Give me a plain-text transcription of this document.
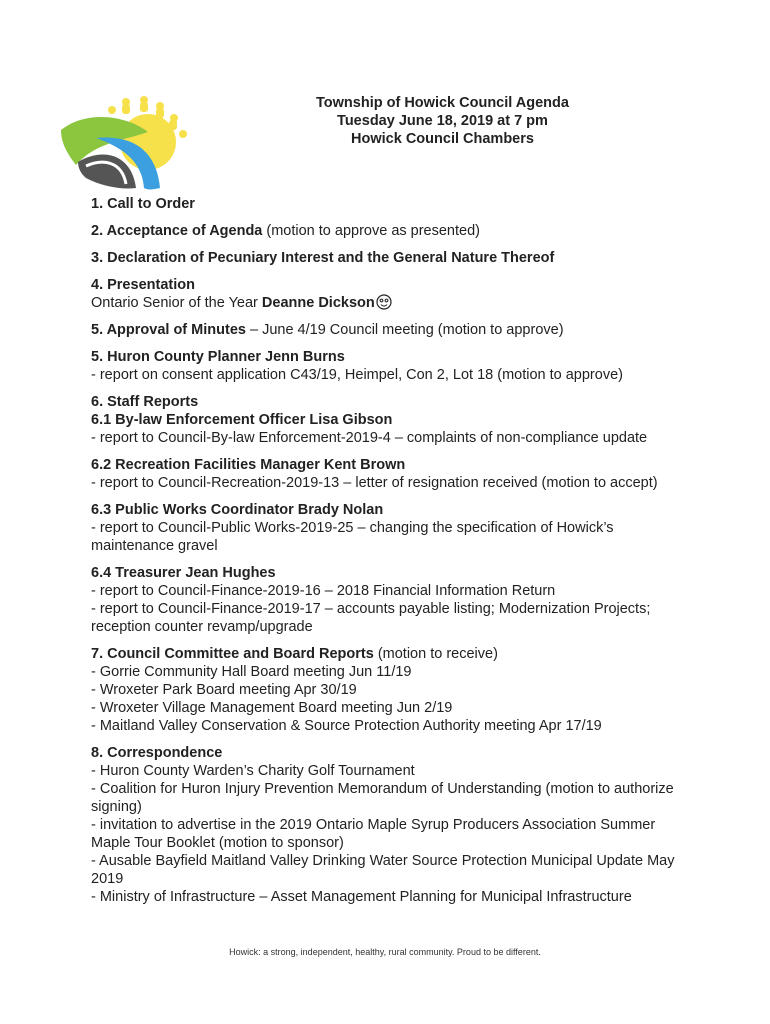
Township of Howick Council Agenda
Tuesday June 18, 2019 at 7 pm
Howick Council Chambers
1. Call to Order
2. Acceptance of Agenda (motion to approve as presented)
3. Declaration of Pecuniary Interest and the General Nature Thereof
4. Presentation
Ontario Senior of the Year Deanne Dickson
5. Approval of Minutes – June 4/19 Council meeting (motion to approve)
5. Huron County Planner Jenn Burns
- report on consent application C43/19, Heimpel, Con 2, Lot 18 (motion to approve)
6. Staff Reports
6.1 By-law Enforcement Officer Lisa Gibson
- report to Council-By-law Enforcement-2019-4 – complaints of non-compliance update
6.2 Recreation Facilities Manager Kent Brown
- report to Council-Recreation-2019-13 – letter of resignation received (motion to accept)
6.3 Public Works Coordinator Brady Nolan
- report to Council-Public Works-2019-25 – changing the specification of Howick’s maintenance gravel
6.4 Treasurer Jean Hughes
- report to Council-Finance-2019-16 – 2018 Financial Information Return
- report to Council-Finance-2019-17 – accounts payable listing; Modernization Projects; reception counter revamp/upgrade
7. Council Committee and Board Reports (motion to receive)
- Gorrie Community Hall Board meeting Jun 11/19
- Wroxeter Park Board meeting Apr 30/19
- Wroxeter Village Management Board meeting Jun 2/19
- Maitland Valley Conservation & Source Protection Authority meeting Apr 17/19
8. Correspondence
- Huron County Warden’s Charity Golf Tournament
- Coalition for Huron Injury Prevention Memorandum of Understanding (motion to authorize signing)
- invitation to advertise in the 2019 Ontario Maple Syrup Producers Association Summer Maple Tour Booklet (motion to sponsor)
- Ausable Bayfield Maitland Valley Drinking Water Source Protection Municipal Update May 2019
- Ministry of Infrastructure – Asset Management Planning for Municipal Infrastructure
Howick: a strong, independent, healthy, rural community. Proud to be different.
